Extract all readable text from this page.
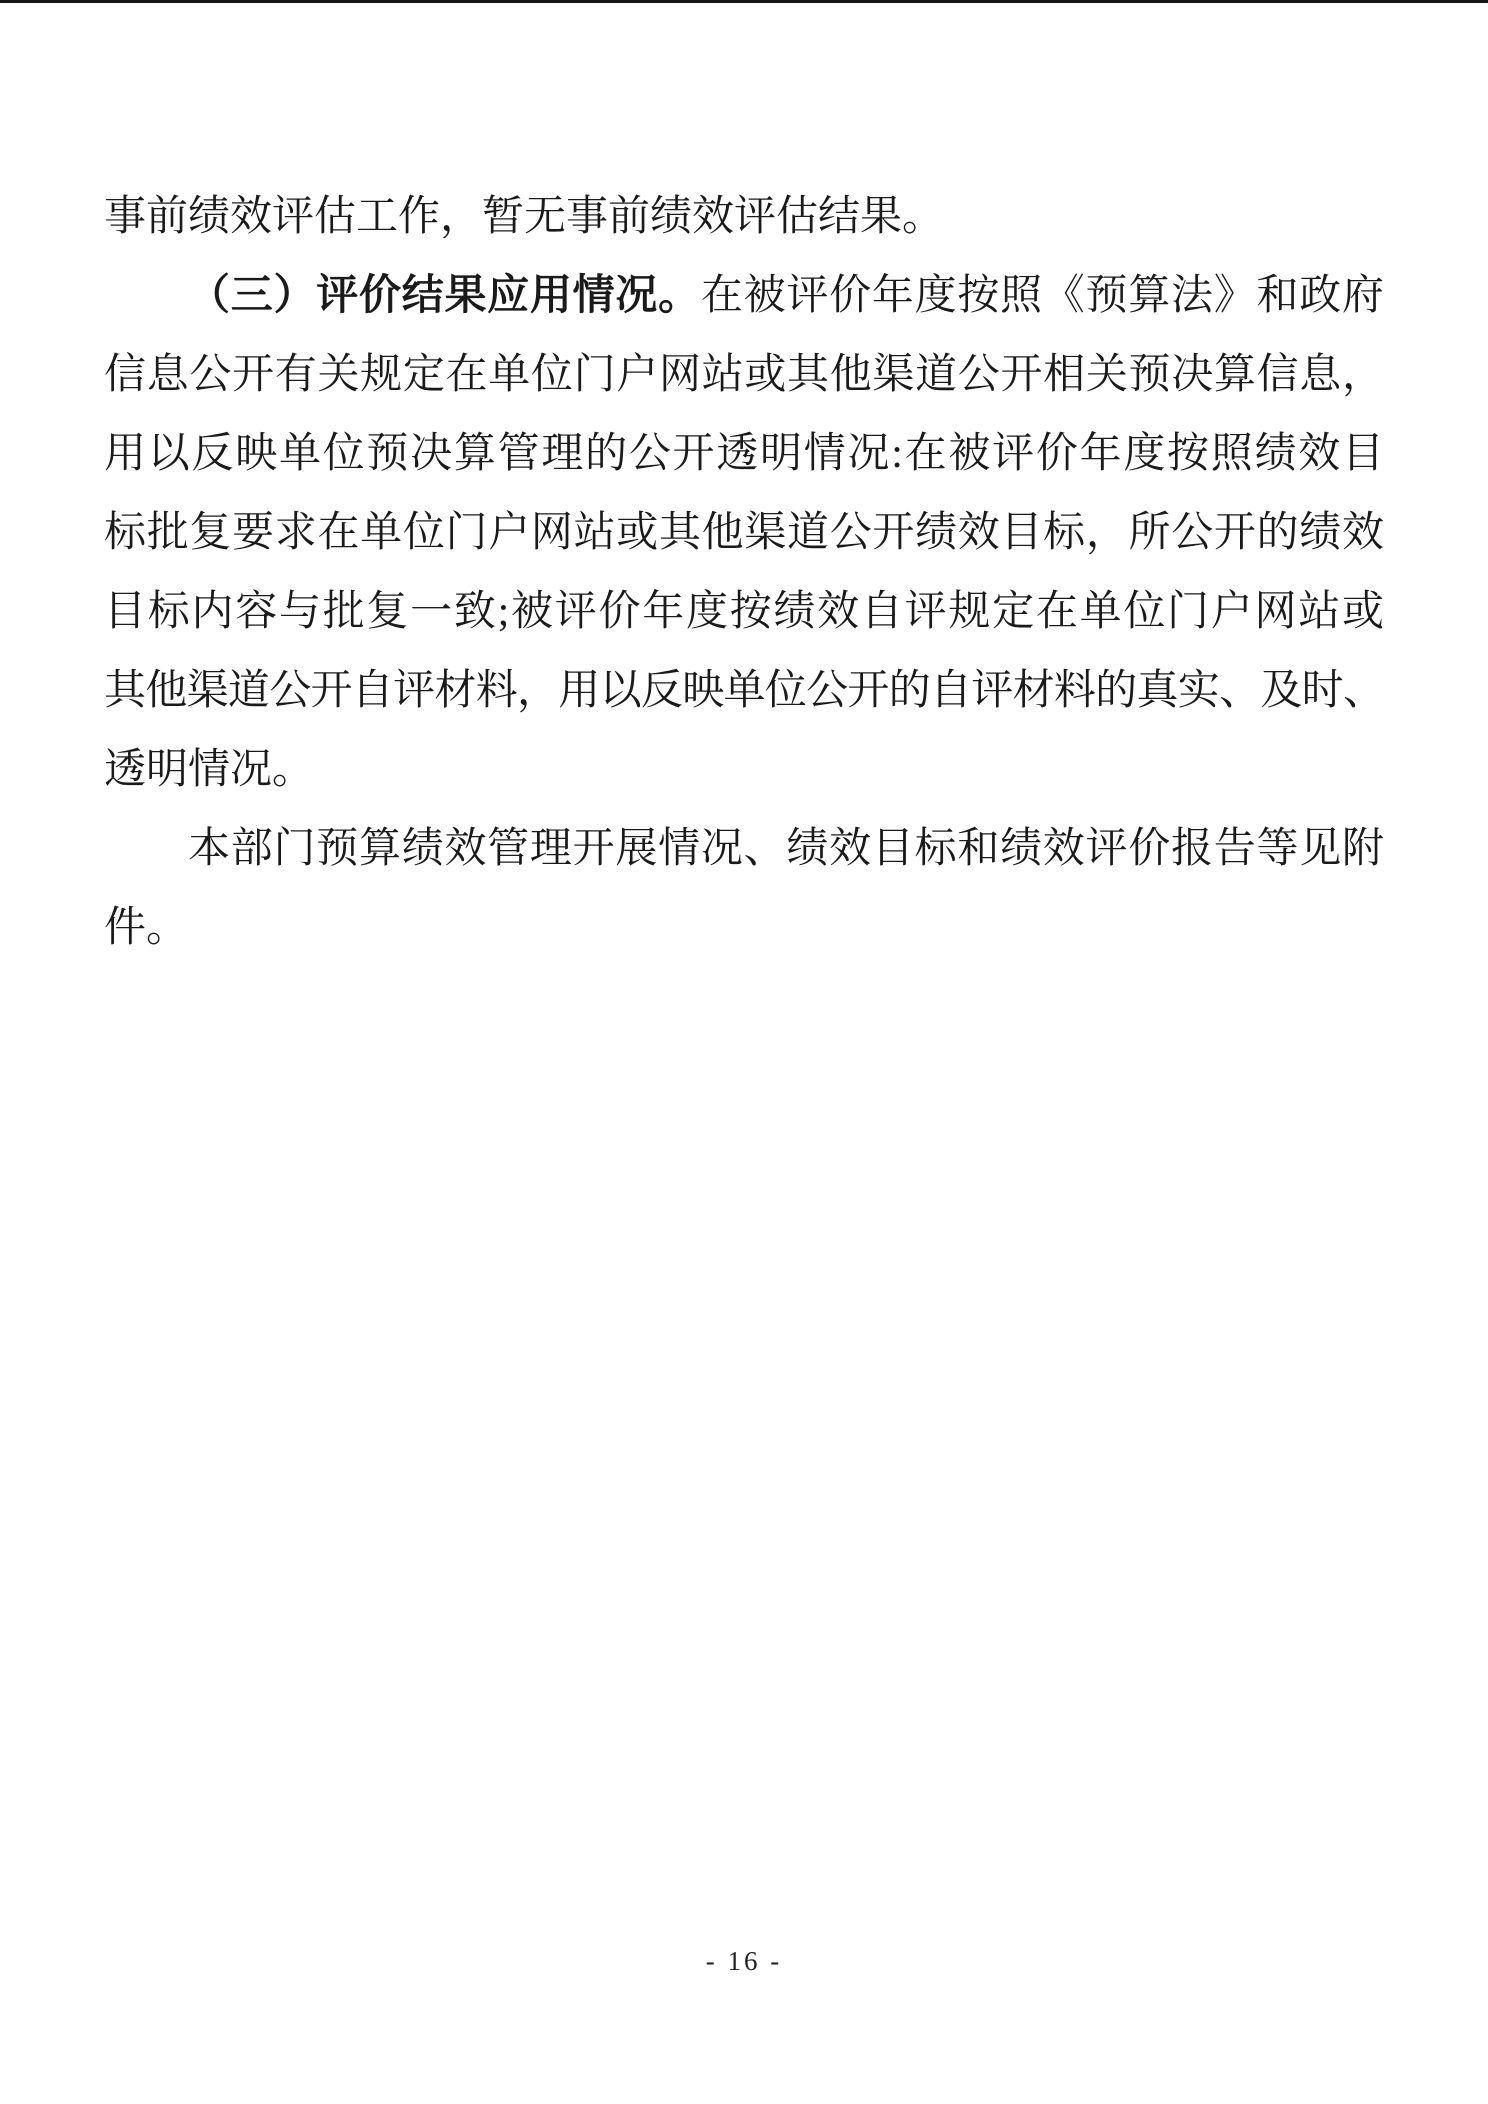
事前绩效评估工作，暂无事前绩效评估结果。
（三）评价结果应用情况。在被评价年度按照《预算法》和政府
信息公开有关规定在单位门户网站或其他渠道公开相关预决算信息，
用以反映单位预决算管理的公开透明情况:在被评价年度按照绩效目
标批复要求在单位门户网站或其他渠道公开绩效目标，所公开的绩效
目标内容与批复一致;被评价年度按绩效自评规定在单位门户网站或
其他渠道公开自评材料，用以反映单位公开的自评材料的真实、及时、
透明情况。
本部门预算绩效管理开展情况、绩效目标和绩效评价报告等见附
件。
- 16 -
